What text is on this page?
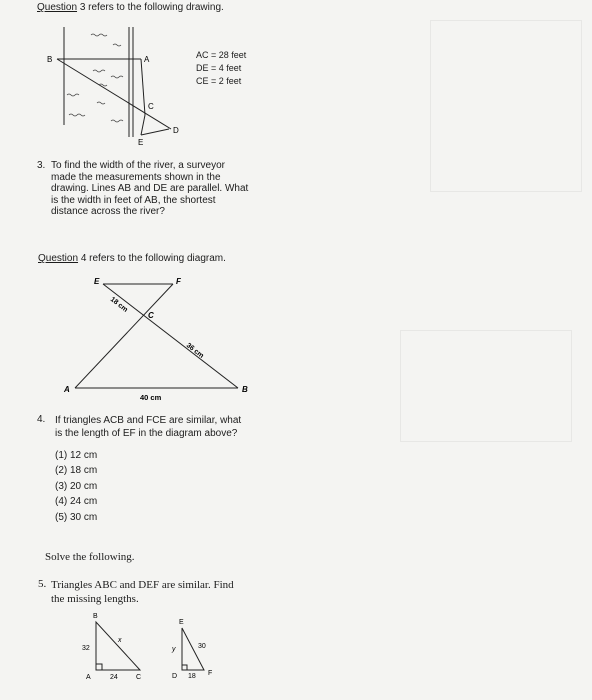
Question 3 refers to the following drawing.
B	A
C
D
E
AC = 28 feet
DE = 4 feet
CE = 2 feet
3. To find the width of the river, a surveyor
made the measurements shown in the
drawing. Lines AB and DE are parallel. What
is the width in feet of AB, the shortest
distance across the river?
Question 4 refers to the following diagram.
E	F
C
A	B
18 cm
36 cm
40 cm
4. If triangles ACB and FCE are similar, what
is the length of EF in the diagram above?
(1) 12 cm
(2) 18 cm
(3) 20 cm
(4) 24 cm
(5) 30 cm
Solve the following.
5. Triangles ABC and DEF are similar. Find
the missing lengths.
B
A	C
32
x
24
E
D	F
y	30
18
